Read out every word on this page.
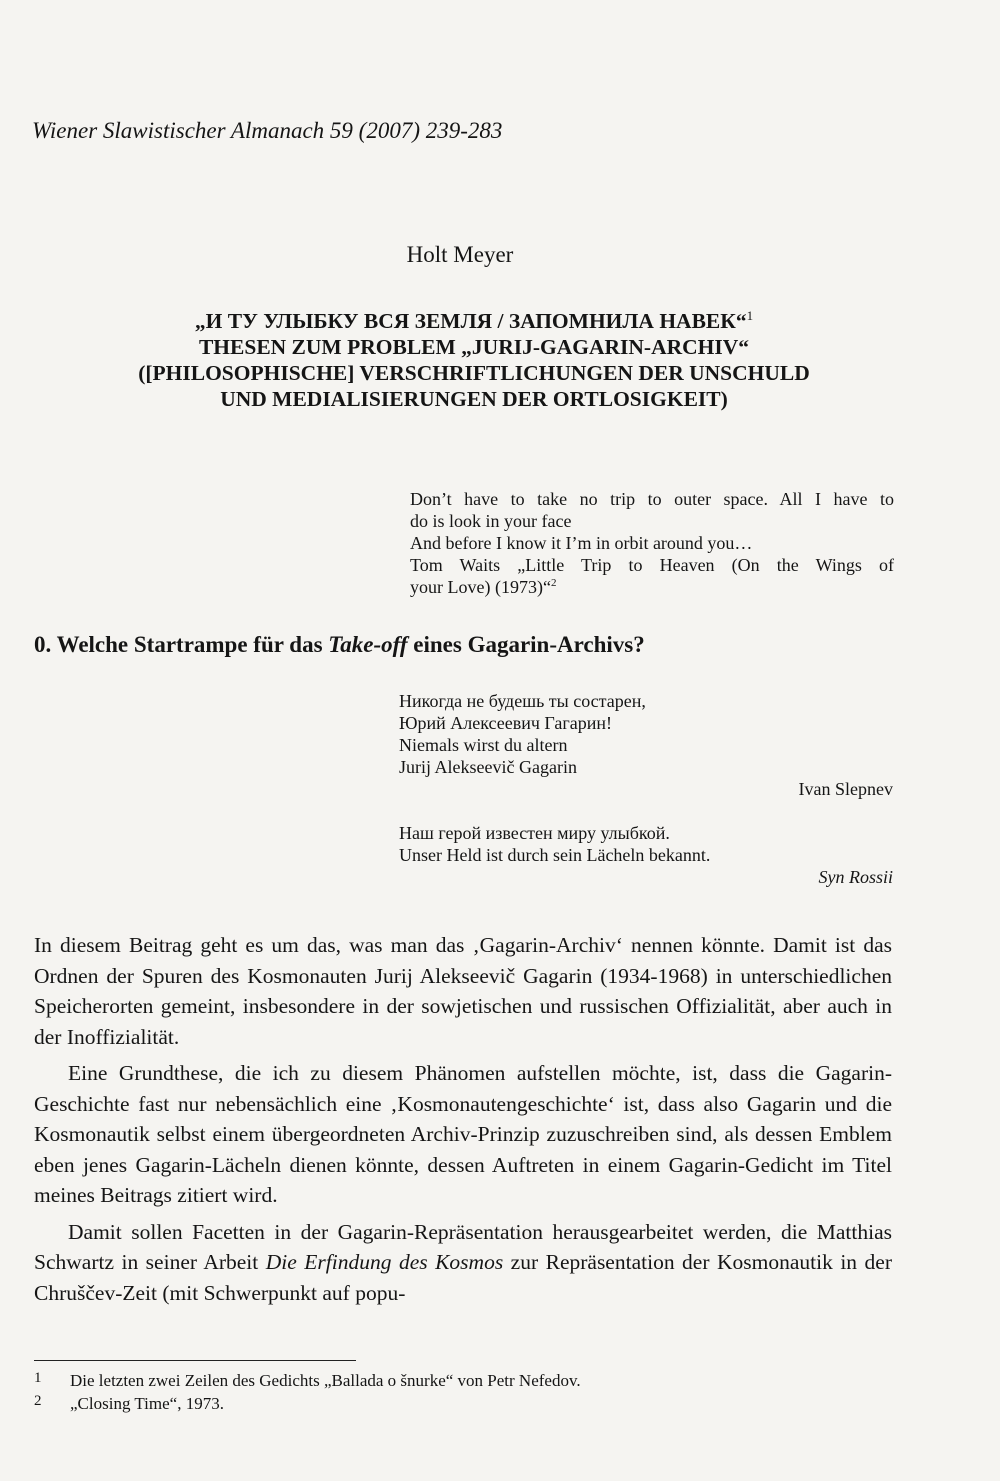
Wiener Slawistischer Almanach 59 (2007) 239-283
Holt Meyer
„И ТУ УЛЫБКУ ВСЯ ЗЕМЛЯ / ЗАПОМНИЛА НАВЕК“$^1$
THESEN ZUM PROBLEM „JURIJ-GAGARIN-ARCHIV“
([PHILOSOPHISCHE] VERSCHRIFTLICHUNGEN DER UNSCHULD
UND MEDIALISIERUNGEN DER ORTLOSIGKEIT)
Don’t have to take no trip to outer space. All I have to
do is look in your face
And before I know it I’m in orbit around you…
Tom Waits „Little Trip to Heaven (On the Wings of
your Love) (1973)“$^2$
0. Welche Startrampe für das Take-off eines Gagarin-Archivs?
Никогда не будешь ты состарен,
Юрий Алексеевич Гагарин!
Niemals wirst du altern
Jurij Alekseevič Gagarin
Ivan Slepnev
Наш герой известен миру улыбкой.
Unser Held ist durch sein Lächeln bekannt.
Syn Rossii

In diesem Beitrag geht es um das, was man das ‚Gagarin-Archiv‘ nennen könnte. Damit ist das Ordnen der Spuren des Kosmonauten Jurij Alekseevič Gagarin (1934-1968) in unterschiedlichen Speicherorten gemeint, insbesondere in der sowjetischen und russischen Offizialität, aber auch in der Inoffizialität.

Eine Grundthese, die ich zu diesem Phänomen aufstellen möchte, ist, dass die Gagarin-Geschichte fast nur nebensächlich eine ‚Kosmonautengeschichte‘ ist, dass also Gagarin und die Kosmonautik selbst einem übergeordneten Archiv-Prinzip zuzuschreiben sind, als dessen Emblem eben jenes Gagarin-Lächeln dienen könnte, dessen Auftreten in einem Gagarin-Gedicht im Titel meines Beitrags zitiert wird.

Damit sollen Facetten in der Gagarin-Repräsentation herausgearbeitet werden, die Matthias Schwartz in seiner Arbeit Die Erfindung des Kosmos zur Repräsentation der Kosmonautik in der Chruščev-Zeit (mit Schwerpunkt auf popu-

1	Die letzten zwei Zeilen des Gedichts „Ballada o šnurke“ von Petr Nefedov.
2	„Closing Time“, 1973.
